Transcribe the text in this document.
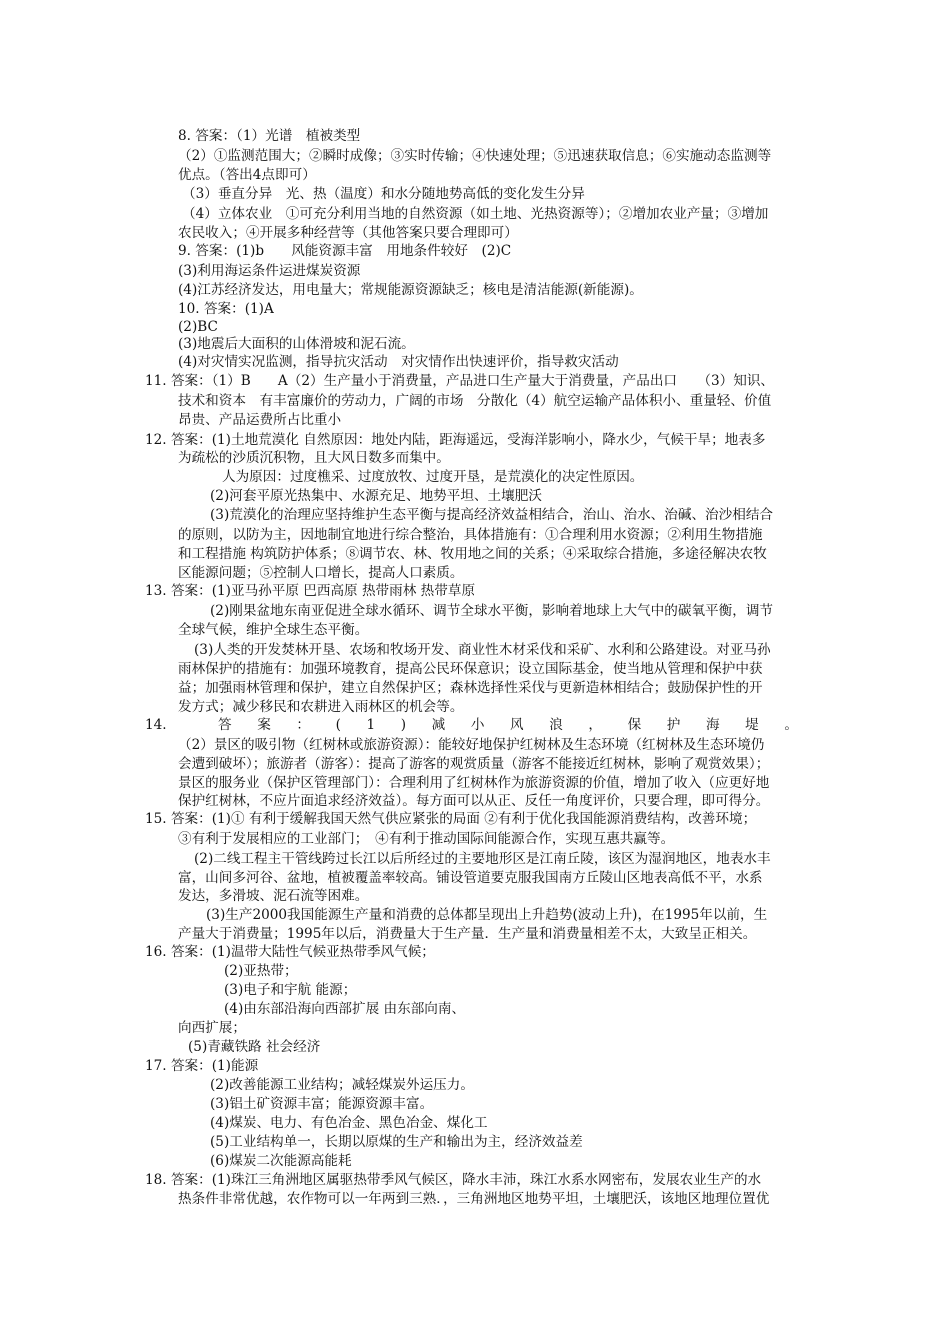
8. 答案：（1）光谱　植被类型
（2）①监测范围大；②瞬时成像；③实时传输；④快速处理；⑤迅速获取信息；⑥实施动态监测等
优点。（答出4点即可）
（3）垂直分异　光、热（温度）和水分随地势高低的变化发生分异
（4）立体农业　①可充分利用当地的自然资源（如土地、光热资源等）；②增加农业产量；③增加
农民收入；④开展多种经营等（其他答案只要合理即可）
9. 答案：(1)b　　风能资源丰富　用地条件较好　(2)C
(3)利用海运条件运进煤炭资源
(4)江苏经济发达，用电量大；常规能源资源缺乏；核电是清洁能源(新能源)。
10. 答案：(1)A
(2)BC
(3)地震后大面积的山体滑坡和泥石流。
(4)对灾情实况监测，指导抗灾活动　对灾情作出快速评价，指导救灾活动
11. 答案：（1）B　　A（2）生产量小于消费量，产品进口生产量大于消费量，产品出口　　（3）知识、
技术和资本　有丰富廉价的劳动力，广阔的市场　分散化（4）航空运输产品体积小、重量轻、价值
昂贵、产品运费所占比重小
12. 答案：(1)土地荒漠化 自然原因：地处内陆，距海遥远，受海洋影响小，降水少，气候干旱；地表多
为疏松的沙质沉积物，且大风日数多而集中。
人为原因：过度樵采、过度放牧、过度开垦，是荒漠化的决定性原因。
(2)河套平原光热集中、水源充足、地势平坦、土壤肥沃
(3)荒漠化的治理应坚持维护生态平衡与提高经济效益相结合，治山、治水、治碱、治沙相结合
的原则，以防为主，因地制宜地进行综合整治，具体措施有：①合理利用水资源；②利用生物措施
和工程措施 构筑防护体系；⑧调节农、林、牧用地之间的关系；④采取综合措施，多途径解决农牧
区能源问题；⑤控制人口增长，提高人口素质。
13. 答案：(1)亚马孙平原 巴西高原 热带雨林 热带草原
(2)刚果盆地东南亚促进全球水循环、调节全球水平衡，影响着地球上大气中的碳氧平衡，调节
全球气候，维护全球生态平衡。
(3)人类的开发焚林开垦、农场和牧场开发、商业性木材采伐和采矿、水利和公路建设。对亚马孙
雨林保护的措施有：加强环境教育，提高公民环保意识；设立国际基金，使当地从管理和保护中获
益；加强雨林管理和保护，建立自然保护区；森林选择性采伐与更新造林相结合；鼓励保护性的开
发方式；减少移民和农耕进入雨林区的机会等。
14.	答 案 ： ( 1 ) 减 小 风 浪 ， 保 护 海 堤 。
（2）景区的吸引物（红树林或旅游资源）：能较好地保护红树林及生态环境（红树林及生态环境仍
会遭到破坏）；旅游者（游客）：提高了游客的观赏质量（游客不能接近红树林，影响了观赏效果）；
景区的服务业（保护区管理部门）：合理利用了红树林作为旅游资源的价值，增加了收入（应更好地
保护红树林，不应片面追求经济效益）。每方面可以从正、反任一角度评价，只要合理，即可得分。
15. 答案：(1)① 有利于缓解我国天然气供应紧张的局面 ②有利于优化我国能源消费结构，改善环境；
③有利于发展相应的工业部门；　④有利于推动国际间能源合作，实现互惠共赢等。
(2)二线工程主干管线跨过长江以后所经过的主要地形区是江南丘陵，该区为湿润地区，地表水丰
富，山间多河谷、盆地，植被覆盖率较高。铺设管道要克服我国南方丘陵山区地表高低不平，水系
发达，多滑坡、泥石流等困难。
(3)生产2000我国能源生产量和消费的总体都呈现出上升趋势(波动上升)，在1995年以前，生
产量大于消费量；1995年以后，消费量大于生产量．生产量和消费量相差不太，大致呈正相关。
16. 答案：(1)温带大陆性气候亚热带季风气候；
(2)亚热带；
(3)电子和宇航 能源；
(4)由东部沿海向西部扩展 由东部向南、
向西扩展；
(5)青藏铁路 社会经济
17. 答案：(1)能源
(2)改善能源工业结构；减轻煤炭外运压力。
(3)铝土矿资源丰富；能源资源丰富。
(4)煤炭、电力、有色冶金、黑色冶金、煤化工
(5)工业结构单一，长期以原煤的生产和输出为主，经济效益差
(6)煤炭二次能源高能耗
18. 答案：(1)珠江三角洲地区属驱热带季风气候区，降水丰沛，珠江水系水网密布，发展农业生产的水
热条件非常优越，农作物可以一年两到三熟．，三角洲地区地势平坦，土壤肥沃，该地区地理位置优
